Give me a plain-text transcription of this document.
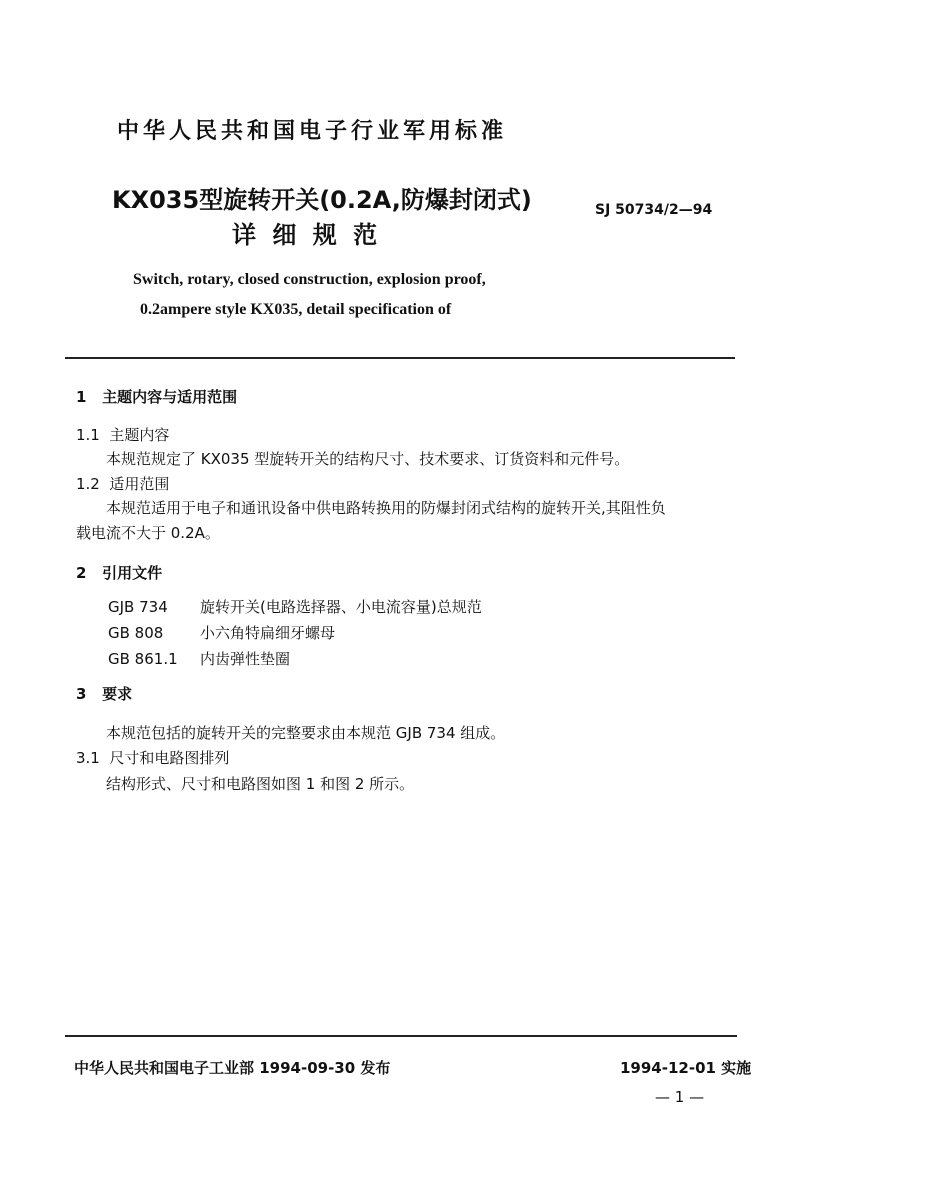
中华人民共和国电子行业军用标准
KX035型旋转开关(0.2A,防爆封闭式)
详 细 规 范
SJ 50734/2—94
Switch, rotary, closed construction, explosion proof,
0.2ampere style KX035, detail specification of
1 主题内容与适用范围
1.1 主题内容
本规范规定了 KX035 型旋转开关的结构尺寸、技术要求、订货资料和元件号。
1.2 适用范围
本规范适用于电子和通讯设备中供电路转换用的防爆封闭式结构的旋转开关,其阻性负
载电流不大于 0.2A。
2 引用文件
GJB 734 旋转开关(电路选择器、小电流容量)总规范
GB 808 小六角特扁细牙螺母
GB 861.1 内齿弹性垫圈
3 要求
本规范包括的旋转开关的完整要求由本规范 GJB 734 组成。
3.1 尺寸和电路图排列
结构形式、尺寸和电路图如图 1 和图 2 所示。
中华人民共和国电子工业部 1994-09-30 发布	1994-12-01 实施
— 1 —
